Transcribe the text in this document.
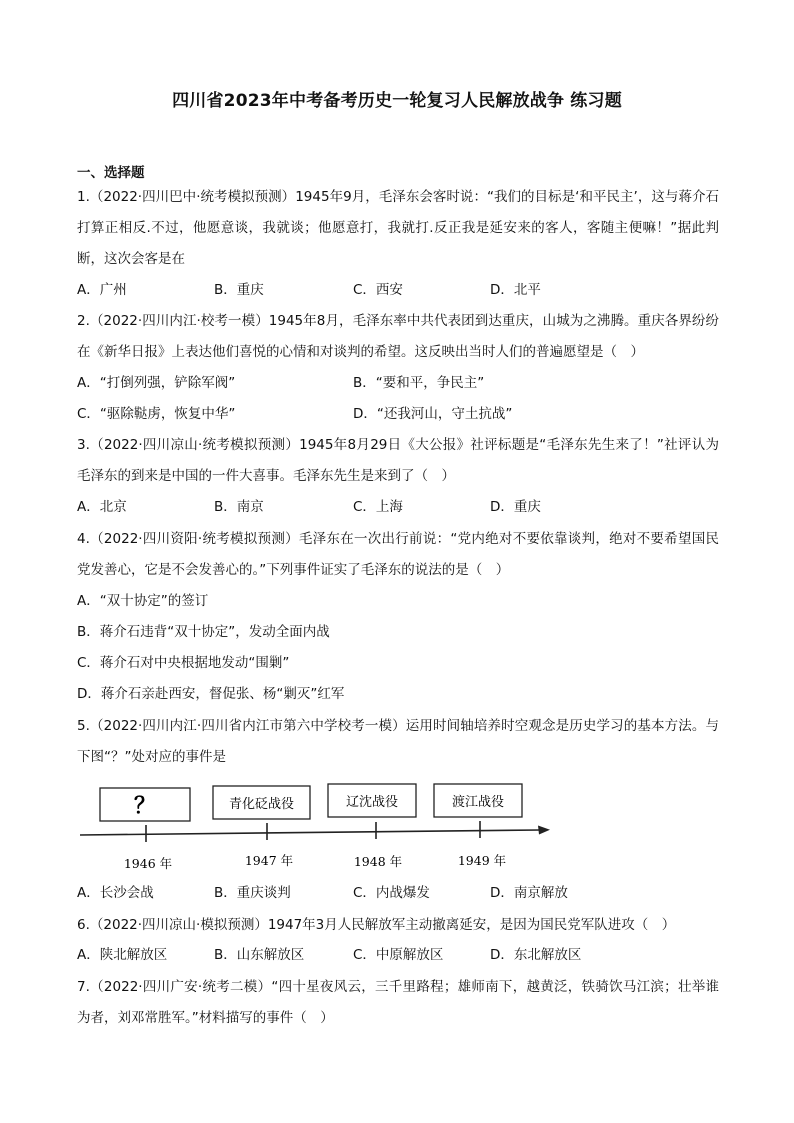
四川省2023年中考备考历史一轮复习人民解放战争 练习题
一、选择题
1.（2022·四川巴中·统考模拟预测）1945年9月，毛泽东会客时说：“我们的目标是‘和平民主’，这与蒋介石打算正相反.不过，他愿意谈，我就谈；他愿意打，我就打.反正我是延安来的客人，客随主便嘛！”据此判断，这次会客是在
A．广州	B．重庆	C．西安	D．北平
2.（2022·四川内江·校考一模）1945年8月，毛泽东率中共代表团到达重庆，山城为之沸腾。重庆各界纷纷在《新华日报》上表达他们喜悦的心情和对谈判的希望。这反映出当时人们的普遍愿望是（　）
A．“打倒列强，铲除军阀”	B．“要和平，争民主”
C．“驱除鞑虏，恢复中华”	D．“还我河山，守土抗战”
3.（2022·四川凉山·统考模拟预测）1945年8月29日《大公报》社评标题是“毛泽东先生来了！”社评认为毛泽东的到来是中国的一件大喜事。毛泽东先生是来到了（　）
A．北京	B．南京	C．上海	D．重庆
4.（2022·四川资阳·统考模拟预测）毛泽东在一次出行前说：“党内绝对不要依靠谈判，绝对不要希望国民党发善心，它是不会发善心的。”下列事件证实了毛泽东的说法的是（　）
A．“双十协定”的签订
B．蒋介石违背“双十协定”，发动全面内战
C．蒋介石对中央根据地发动“围剿”
D．蒋介石亲赴西安，督促张、杨“剿灭”红军
5.（2022·四川内江·四川省内江市第六中学校考一模）运用时间轴培养时空观念是历史学习的基本方法。与下图“？”处对应的事件是
？	青化砭战役	辽沈战役	渡江战役
1946 年	1947 年	1948 年	1949 年
A．长沙会战	B．重庆谈判	C．内战爆发	D．南京解放
6.（2022·四川凉山·模拟预测）1947年3月人民解放军主动撤离延安，是因为国民党军队进攻（　）
A．陕北解放区	B．山东解放区	C．中原解放区	D．东北解放区
7.（2022·四川广安·统考二模）“四十星夜风云，三千里路程；雄师南下，越黄泛，铁骑饮马江滨；壮举谁为者，刘邓常胜军。”材料描写的事件（　）
